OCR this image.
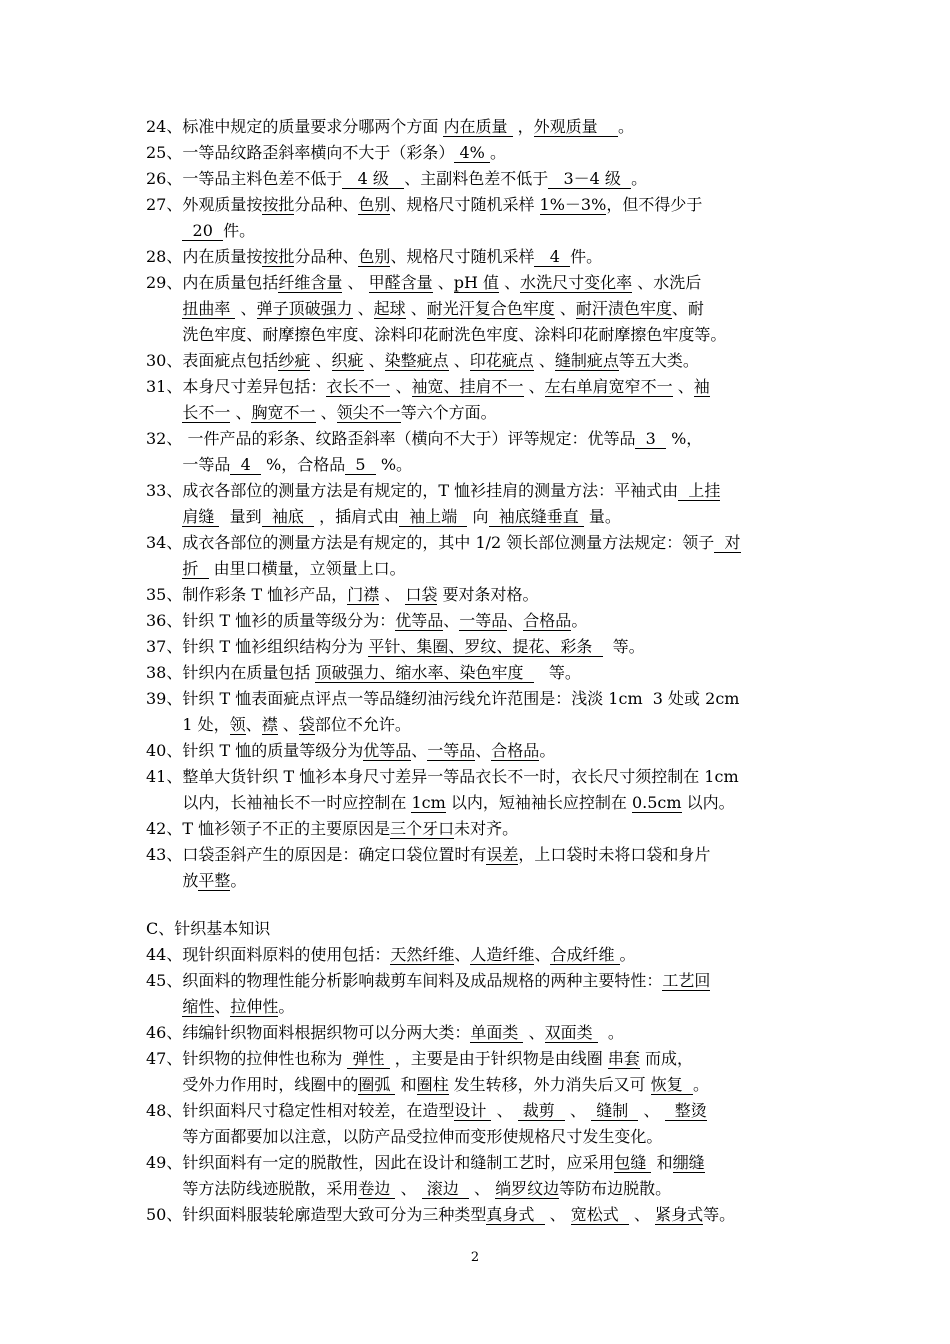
24、 标准中规定的质量要求分哪两个方面 内在质量  ，外观质量    。
25、 一等品纹路歪斜率横向不大于（彩条） 4% 。
26、 一等品主料色差不低于   4 级   、主副料色差不低于   3－4 级  。
27、 外观质量按按批分品种、色别、规格尺寸随机采样 1%－3%，但不得少于
20  件。
28、 内在质量按按批分品种、色别、规格尺寸随机采样   4  件。
29、 内在质量包括纤维含量 、 甲醛含量 、pH 值 、水洗尺寸变化率 、水洗后
扭曲率  、弹子顶破强力 、起球 、耐光汗复合色牢度 、耐汗渍色牢度、耐
洗色牢度、耐摩擦色牢度、涂料印花耐洗色牢度、涂料印花耐摩擦色牢度等。
30、 表面疵点包括纱疵 、织疵 、染整疵点 、印花疵点 、缝制疵点等五大类。
31、 本身尺寸差异包括：衣长不一 、袖宽、挂肩不一 、左右单肩宽窄不一 、袖
长不一 、胸宽不一 、领尖不一等六个方面。
32、 一件产品的彩条、纹路歪斜率（横向不大于）评等规定：优等品  3   %，
一等品  4   %，合格品  5   %。
33、 成衣各部位的测量方法是有规定的，T 恤衫挂肩的测量方法：平袖式由  上挂
肩缝   量到  袖底   ，插肩式由  袖上端   向  袖底缝垂直  量。
34、 成衣各部位的测量方法是有规定的，其中 1/2 领长部位测量方法规定：领子  对
折   由里口横量，立领量上口。
35、 制作彩条 T 恤衫产品，门襟 、 口袋 要对条对格。
36、 针织 T 恤衫的质量等级分为：优等品、一等品、合格品。
37、 针织 T 恤衫组织结构分为 平针、集圈、罗纹、提花、彩条    等。
38、 针织内在质量包括 顶破强力、缩水率、染色牢度     等。
39、 针织 T 恤表面疵点评点一等品缝纫油污线允许范围是：浅淡 1cm  3 处或 2cm
1 处，领、襟 、袋部位不允许。
40、 针织 T 恤的质量等级分为优等品、一等品、合格品。
41、 整单大货针织 T 恤衫本身尺寸差异一等品衣长不一时，衣长尺寸须控制在 1cm
以内，长袖袖长不一时应控制在 1cm 以内，短袖袖长应控制在 0.5cm 以内。
42、 T 恤衫领子不正的主要原因是三个牙口未对齐。
43、 口袋歪斜产生的原因是：确定口袋位置时有误差，上口袋时未将口袋和身片
放平整。
C、针织基本知识
44、 现针织面料原料的使用包括：天然纤维、人造纤维、合成纤维 。
45、 织面料的物理性能分析影响裁剪车间料及成品规格的两种主要特性：工艺回
缩性、拉伸性。
46、 纬编针织物面料根据织物可以分两大类：单面类  、双面类   。
47、 针织物的拉伸性也称为  弹性  ，主要是由于针织物是由线圈 串套 而成，
受外力作用时，线圈中的圈弧  和圈柱 发生转移，外力消失后又可 恢复  。
48、 针织面料尺寸稳定性相对较差，在造型设计  、  裁剪   、  缝制   、   整烫
等方面都要加以注意，以防产品受拉伸而变形使规格尺寸发生变化。
49、 针织面料有一定的脱散性，因此在设计和缝制工艺时，应采用包缝  和绷缝
等方法防线迹脱散，采用卷边  、  滚边   、 绱罗纹边等防布边脱散。
50、 针织面料服装轮廓造型大致可分为三种类型真身式   、 宽松式   、 紧身式等。
2
